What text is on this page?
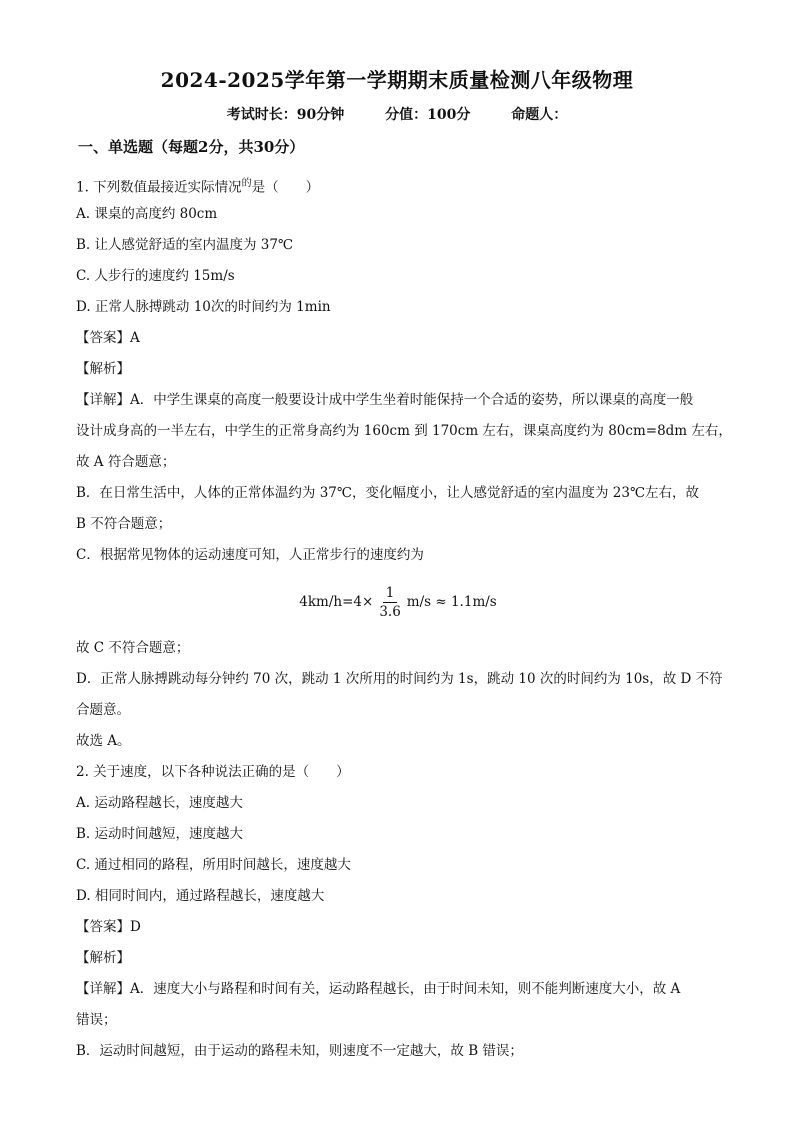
2024-2025学年第一学期期末质量检测八年级物理
考试时长：90分钟	分值：100分	命题人：
一、单选题（每题2分，共30分）
1. 下列数值最接近实际情况$^的$是（　　）
A. 课桌的高度约 80cm
B. 让人感觉舒适的室内温度为 37℃
C. 人步行的速度约 15m/s
D. 正常人脉搏跳动 10次的时间约为 1min
【答案】A
【解析】
【详解】A．中学生课桌的高度一般要设计成中学生坐着时能保持一个合适的姿势，所以课桌的高度一般
设计成身高的一半左右，中学生的正常身高约为 160cm 到 170cm 左右，课桌高度约为 80cm=8dm 左右，
故 A 符合题意；
B．在日常生活中，人体的正常体温约为 37℃，变化幅度小，让人感觉舒适的室内温度为 23℃左右，故
B 不符合题意；
C．根据常见物体的运动速度可知，人正常步行的速度约为
$4km/h=4\times \frac{1}{3.6} m/s \approx 1.1m/s$
故 C 不符合题意；
D．正常人脉搏跳动每分钟约 70 次，跳动 1 次所用的时间约为 1s，跳动 10 次的时间约为 10s，故 D 不符
合题意。
故选 A。
2. 关于速度，以下各种说法正确的是（　　）
A. 运动路程越长，速度越大
B. 运动时间越短，速度越大
C. 通过相同的路程，所用时间越长，速度越大
D. 相同时间内，通过路程越长，速度越大
【答案】D
【解析】
【详解】A．速度大小与路程和时间有关，运动路程越长，由于时间未知，则不能判断速度大小，故 A
错误；
B．运动时间越短，由于运动的路程未知，则速度不一定越大，故 B 错误；
